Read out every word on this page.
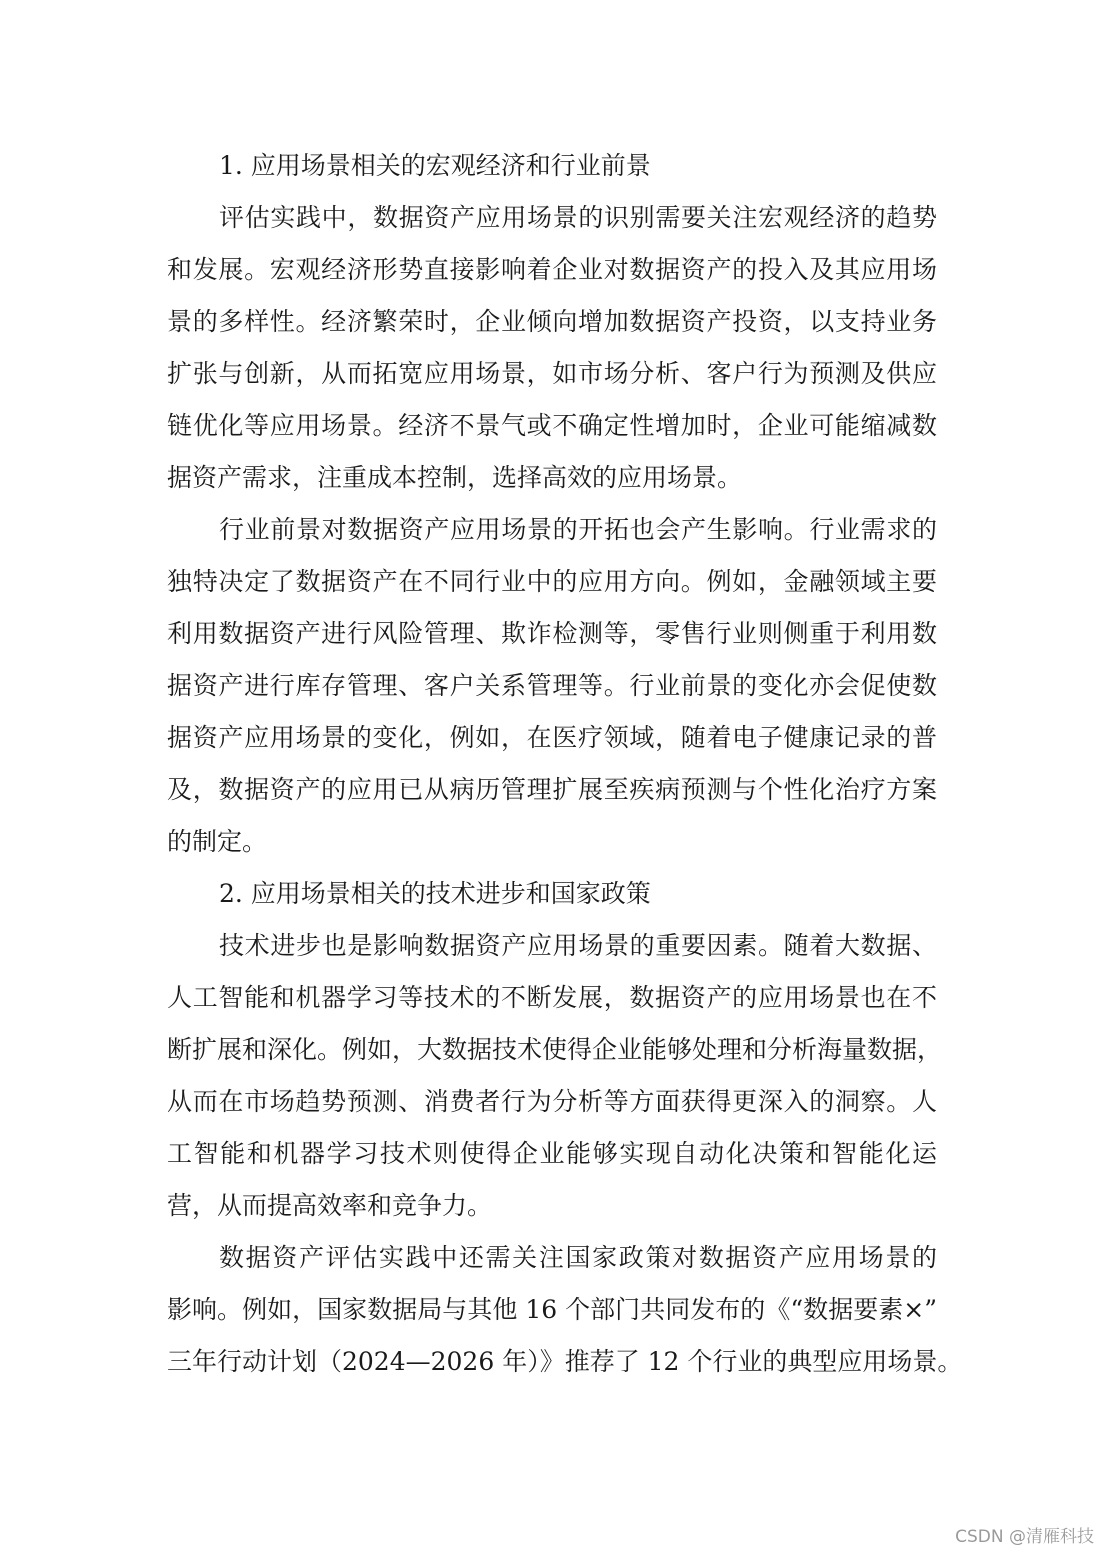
1. 应用场景相关的宏观经济和行业前景

评估实践中，数据资产应用场景的识别需要关注宏观经济的趋势
和发展。宏观经济形势直接影响着企业对数据资产的投入及其应用场
景的多样性。经济繁荣时，企业倾向增加数据资产投资，以支持业务
扩张与创新，从而拓宽应用场景，如市场分析、客户行为预测及供应
链优化等应用场景。经济不景气或不确定性增加时，企业可能缩减数
据资产需求，注重成本控制，选择高效的应用场景。

行业前景对数据资产应用场景的开拓也会产生影响。行业需求的
独特决定了数据资产在不同行业中的应用方向。例如，金融领域主要
利用数据资产进行风险管理、欺诈检测等，零售行业则侧重于利用数
据资产进行库存管理、客户关系管理等。行业前景的变化亦会促使数
据资产应用场景的变化，例如，在医疗领域，随着电子健康记录的普
及，数据资产的应用已从病历管理扩展至疾病预测与个性化治疗方案
的制定。

2. 应用场景相关的技术进步和国家政策

技术进步也是影响数据资产应用场景的重要因素。随着大数据、
人工智能和机器学习等技术的不断发展，数据资产的应用场景也在不
断扩展和深化。例如，大数据技术使得企业能够处理和分析海量数据，
从而在市场趋势预测、消费者行为分析等方面获得更深入的洞察。人
工智能和机器学习技术则使得企业能够实现自动化决策和智能化运
营，从而提高效率和竞争力。

数据资产评估实践中还需关注国家政策对数据资产应用场景的
影响。例如，国家数据局与其他 16 个部门共同发布的《“数据要素×”
三年行动计划（2024—2026 年）》推荐了 12 个行业的典型应用场景。

CSDN @清雁科技
